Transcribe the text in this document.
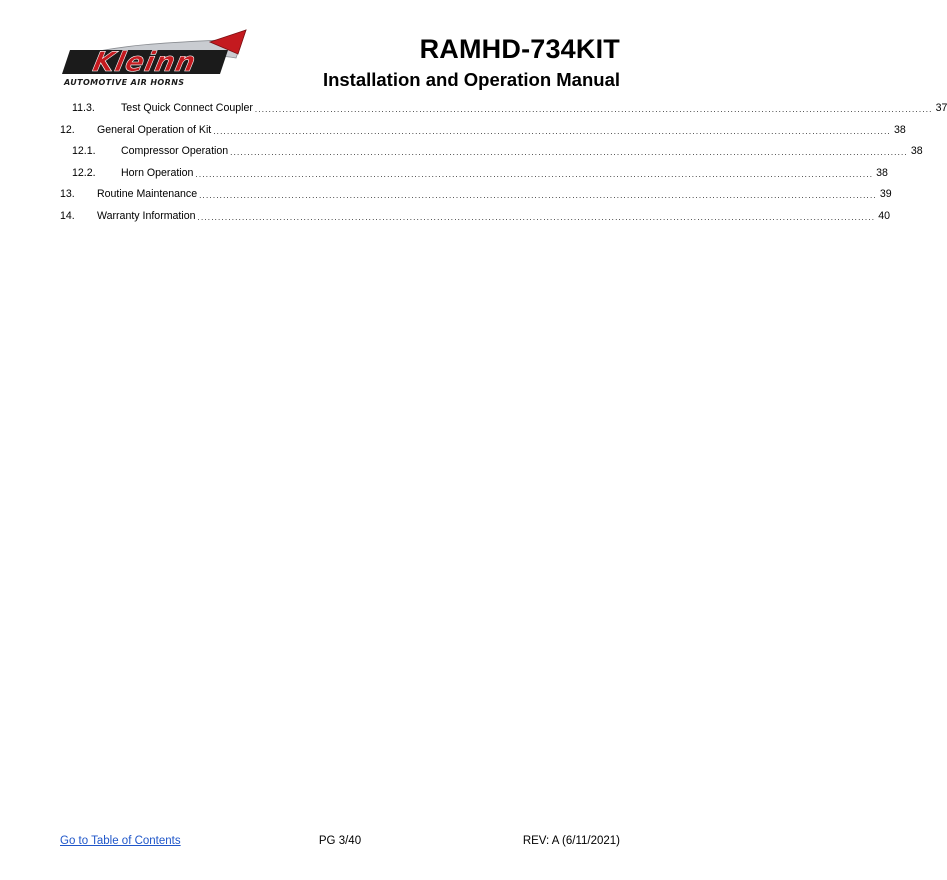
Kleinn
AUTOMOTIVE AIR HORNS
RAMHD-734KIT
Installation and Operation Manual
11.3. Test Quick Connect Coupler ...................................................................................................................................................................................................... 37
12. General Operation of Kit ...................................................................................................................................................................................................... 38
12.1. Compressor Operation ...................................................................................................................................................................................................... 38
12.2. Horn Operation ...................................................................................................................................................................................................... 38
13. Routine Maintenance ...................................................................................................................................................................................................... 39
14. Warranty Information ...................................................................................................................................................................................................... 40
PG 3/40
Go to Table of Contents	REV: A (6/11/2021)
